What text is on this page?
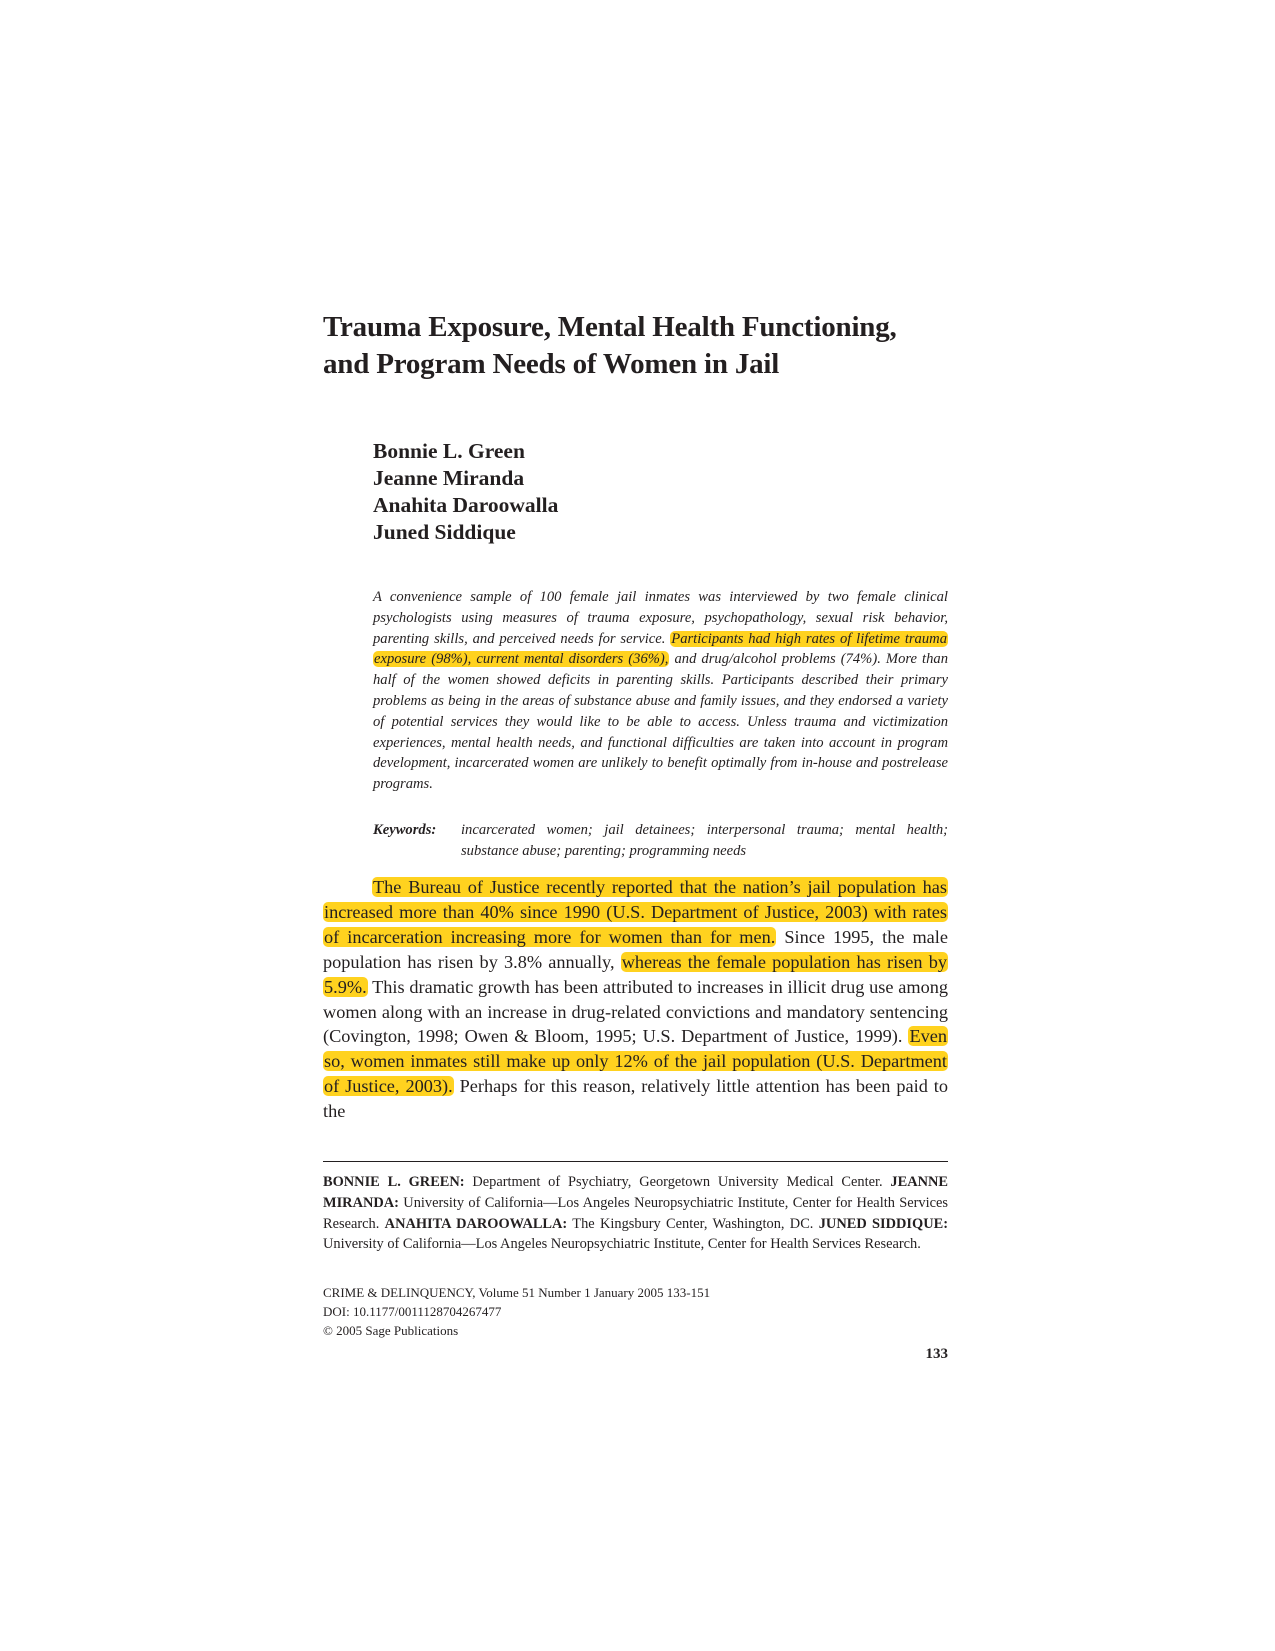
Trauma Exposure, Mental Health Functioning,
and Program Needs of Women in Jail
Bonnie L. Green
Jeanne Miranda
Anahita Daroowalla
Juned Siddique

A convenience sample of 100 female jail inmates was interviewed by two female clinical psychologists using measures of trauma exposure, psychopathology, sexual risk behavior, parenting skills, and perceived needs for service. Participants had high rates of lifetime trauma exposure (98%), current mental disorders (36%), and drug/alcohol problems (74%). More than half of the women showed deficits in parenting skills. Participants described their primary problems as being in the areas of substance abuse and family issues, and they endorsed a variety of potential services they would like to be able to access. Unless trauma and victimization experiences, mental health needs, and functional difficulties are taken into account in program development, incarcerated women are unlikely to benefit optimally from in-house and postrelease programs.

Keywords: incarcerated women; jail detainees; interpersonal trauma; mental health; substance abuse; parenting; programming needs

The Bureau of Justice recently reported that the nation’s jail population has increased more than 40% since 1990 (U.S. Department of Justice, 2003) with rates of incarceration increasing more for women than for men. Since 1995, the male population has risen by 3.8% annually, whereas the female population has risen by 5.9%. This dramatic growth has been attributed to increases in illicit drug use among women along with an increase in drug-related convictions and mandatory sentencing (Covington, 1998; Owen & Bloom, 1995; U.S. Department of Justice, 1999). Even so, women inmates still make up only 12% of the jail population (U.S. Department of Justice, 2003). Perhaps for this reason, relatively little attention has been paid to the

BONNIE L. GREEN: Department of Psychiatry, Georgetown University Medical Center. JEANNE MIRANDA: University of California—Los Angeles Neuropsychiatric Institute, Center for Health Services Research. ANAHITA DAROOWALLA: The Kingsbury Center, Washington, DC. JUNED SIDDIQUE: University of California—Los Angeles Neuropsychiatric Institute, Center for Health Services Research.

CRIME & DELINQUENCY, Volume 51 Number 1 January 2005 133-151
DOI: 10.1177/0011128704267477
© 2005 Sage Publications
133
